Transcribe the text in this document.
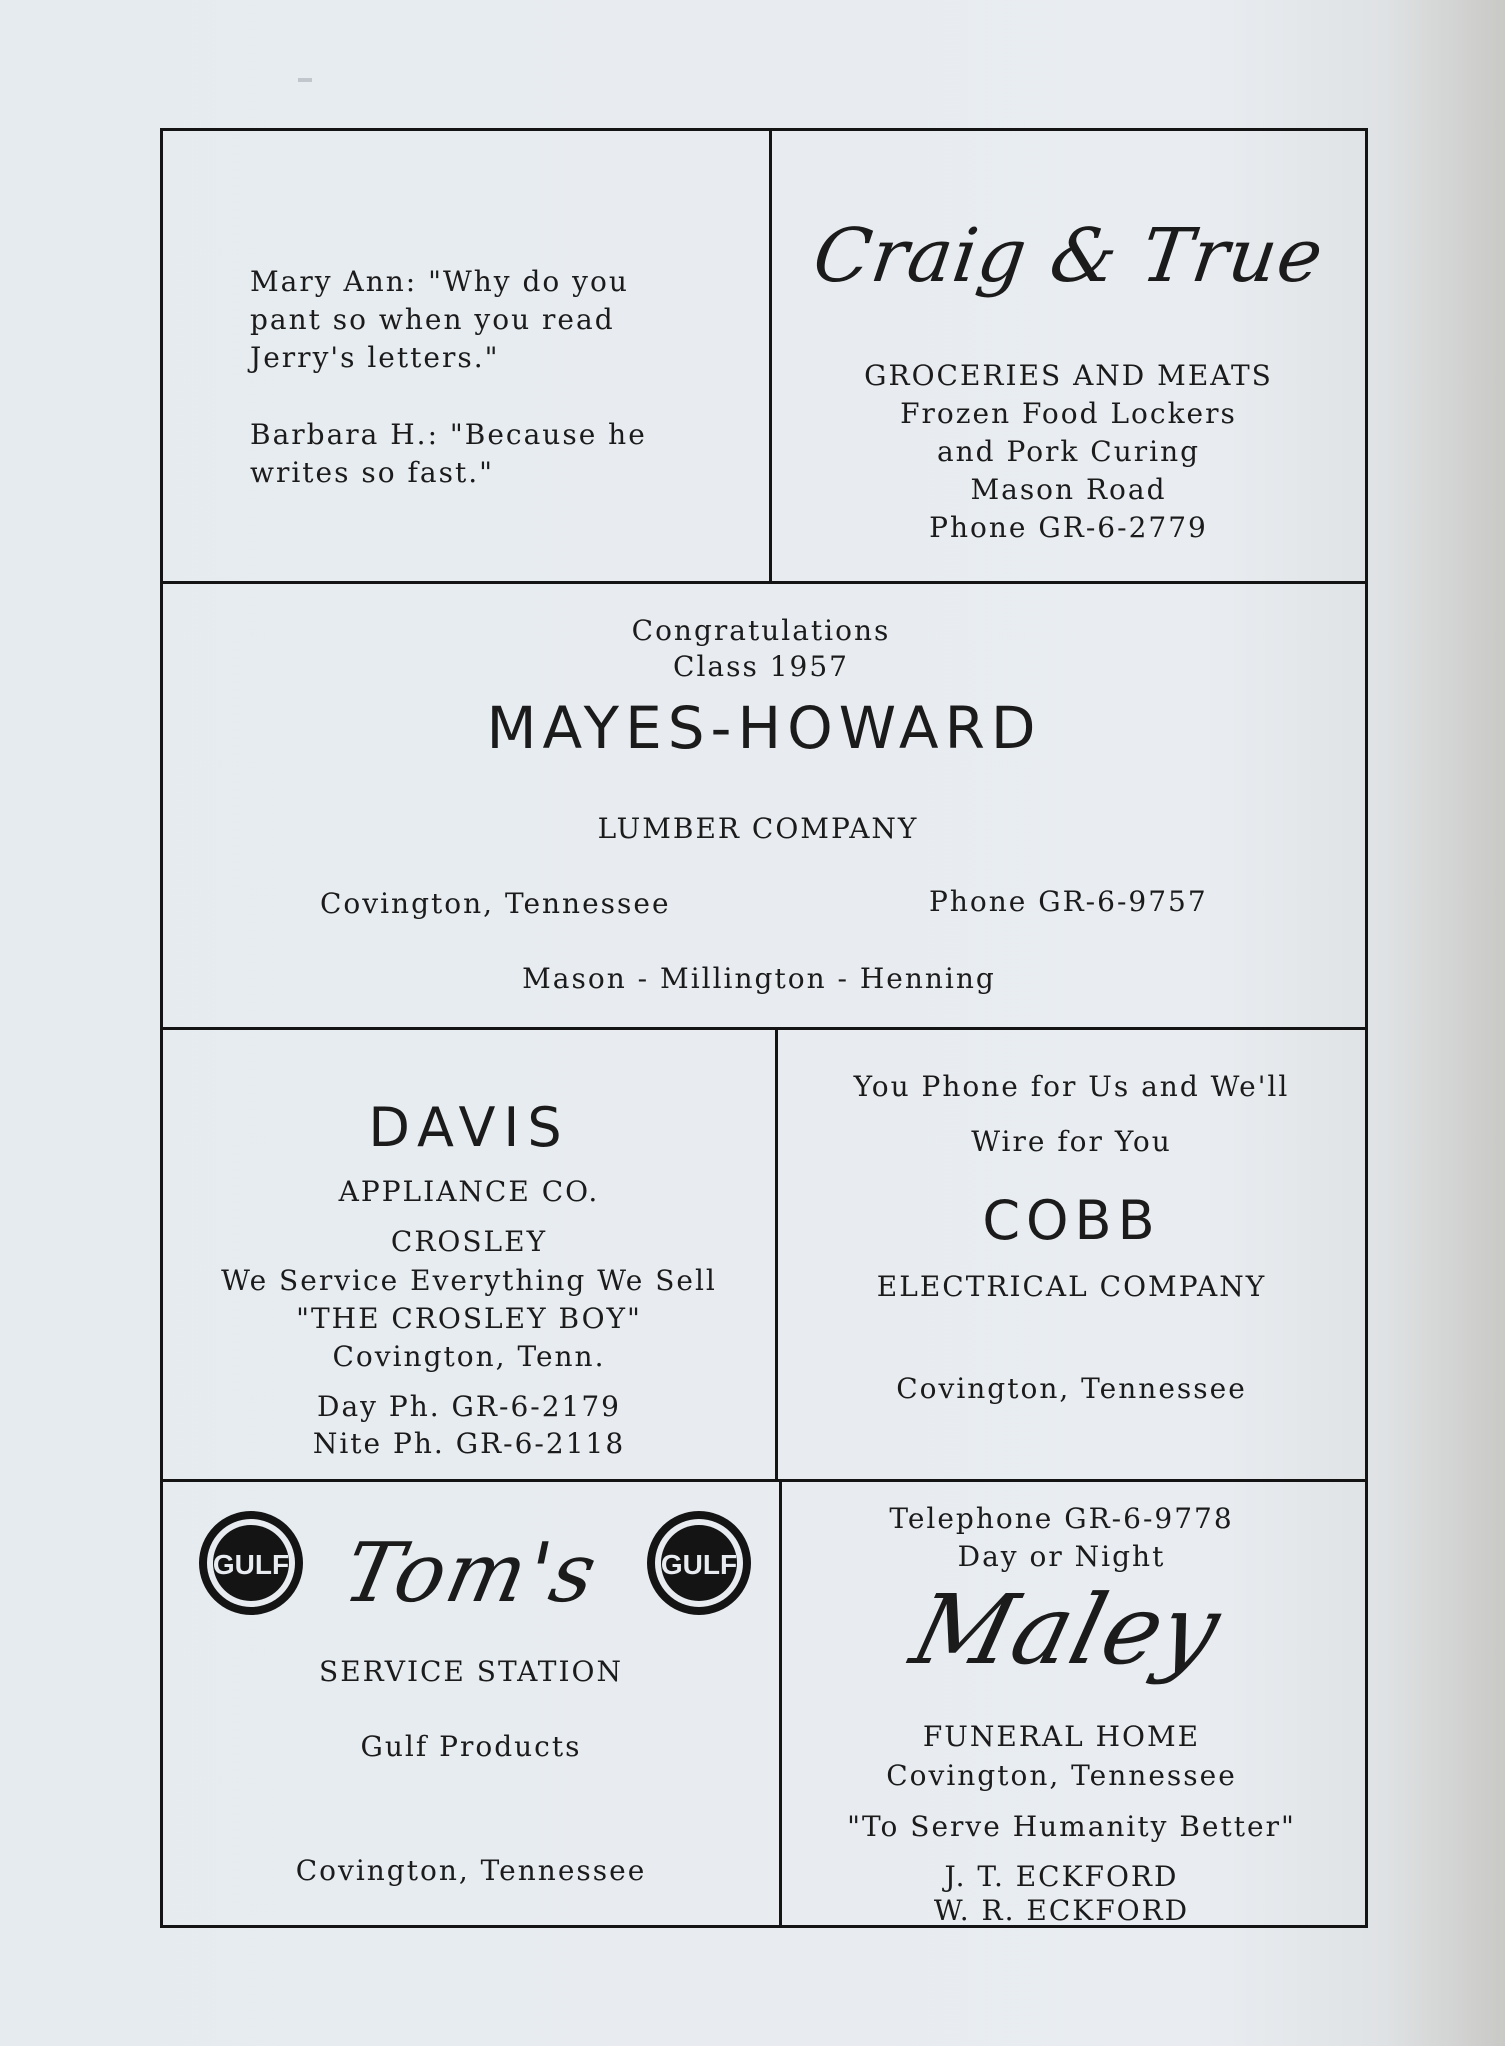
Mary Ann: "Why do you
pant so when you read
Jerry's letters."
Barbara H.: "Because he
writes so fast."
Craig & True
GROCERIES AND MEATS
Frozen Food Lockers
and Pork Curing
Mason Road
Phone GR-6-2779
Congratulations
Class 1957
MAYES-HOWARD
LUMBER COMPANY
Covington, Tennessee	Phone GR-6-9757
Mason - Millington - Henning
DAVIS
APPLIANCE CO.
CROSLEY
We Service Everything We Sell
"THE CROSLEY BOY"
Covington, Tenn.
Day Ph. GR-6-2179
Nite Ph. GR-6-2118
You Phone for Us and We'll
Wire for You
COBB
ELECTRICAL COMPANY
Covington, Tennessee
GULF	GULF
Tom's
SERVICE STATION
Gulf Products
Covington, Tennessee
Telephone GR-6-9778
Day or Night
Maley
FUNERAL HOME
Covington, Tennessee
"To Serve Humanity Better"
J. T. ECKFORD
W. R. ECKFORD
